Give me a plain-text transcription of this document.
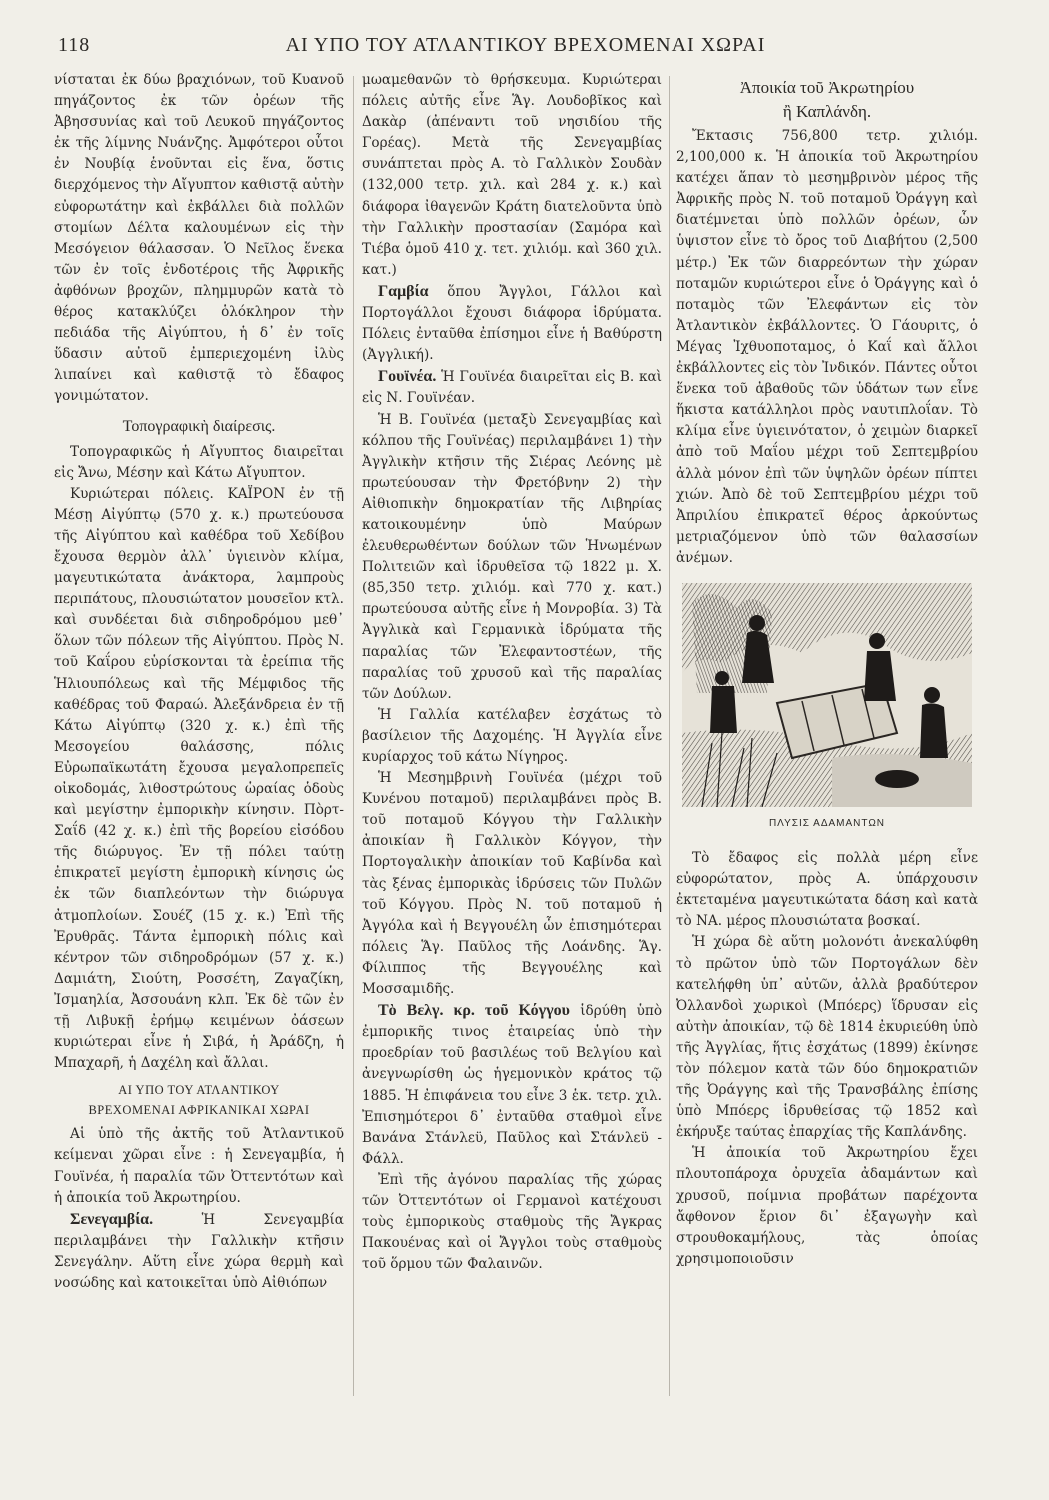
118	ΑΙ ΥΠΟ ΤΟΥ ΑΤΛΑΝΤΙΚΟΥ ΒΡΕΧΟΜΕΝΑΙ ΧΩΡΑΙ

νίσταται ἐκ δύω βραχιόνων, τοῦ Κυανοῦ πηγάζοντος ἐκ τῶν ὀρέων τῆς Ἀβησσυνίας καὶ τοῦ Λευκοῦ πηγάζοντος ἐκ τῆς λίμνης Νυάνζης. Ἀμφότεροι οὗτοι ἐν Νουβίᾳ ἑνοῦνται εἰς ἕνα, ὅστις διερχόμενος τὴν Αἴγυπτον καθιστᾷ αὐτὴν εὐφορωτάτην καὶ ἐκβάλλει διὰ πολλῶν στομίων Δέλτα καλουμένων εἰς τὴν Μεσόγειον θάλασσαν. Ὁ Νεῖλος ἕνεκα τῶν ἐν τοῖς ἐνδοτέροις τῆς Ἀφρικῆς ἀφθόνων βροχῶν, πλημμυρῶν κατὰ τὸ θέρος κατακλύζει ὁλόκληρον τὴν πεδιάδα τῆς Αἰγύπτου, ἡ δ᾽ ἐν τοῖς ὕδασιν αὐτοῦ ἐμπεριεχομένη ἰλὺς λιπαίνει καὶ καθιστᾷ τὸ ἔδαφος γονιμώτατον.

Τοπογραφικὴ διαίρεσις.

Τοπογραφικῶς ἡ Αἴγυπτος διαιρεῖται εἰς Ἄνω, Μέσην καὶ Κάτω Αἴγυπτον.

Κυριώτεραι πόλεις. ΚΑΪΡΟΝ ἐν τῇ Μέσῃ Αἰγύπτῳ (570 χ. κ.) πρωτεύουσα τῆς Αἰγύπτου καὶ καθέδρα τοῦ Χεδίβου ἔχουσα θερμὸν ἀλλ᾽ ὑγιεινὸν κλίμα, μαγευτικώτατα ἀνάκτορα, λαμπροὺς περιπάτους, πλουσιώτατον μουσεῖον κτλ. καὶ συνδέεται διὰ σιδηροδρόμου μεθ᾽ ὅλων τῶν πόλεων τῆς Αἰγύπτου. Πρὸς Ν. τοῦ Καΐρου εὑρίσκονται τὰ ἐρείπια τῆς Ἡλιουπόλεως καὶ τῆς Μέμφιδος τῆς καθέδρας τοῦ Φαραώ. Ἀλεξάνδρεια ἐν τῇ Κάτω Αἰγύπτῳ (320 χ. κ.) ἐπὶ τῆς Μεσογείου θαλάσσης, πόλις Εὐρωπαϊκωτάτη ἔχουσα μεγαλοπρεπεῖς οἰκοδομάς, λιθοστρώτους ὡραίας ὁδοὺς καὶ μεγίστην ἐμπορικὴν κίνησιν. Πὸρτ-Σαΐδ (42 χ. κ.) ἐπὶ τῆς βορείου εἰσόδου τῆς διώρυγος. Ἐν τῇ πόλει ταύτῃ ἐπικρατεῖ μεγίστη ἐμπορικὴ κίνησις ὡς ἐκ τῶν διαπλεόντων τὴν διώρυγα ἀτμοπλοίων. Σουέζ (15 χ. κ.) Ἐπὶ τῆς Ἐρυθρᾶς. Τάντα ἐμπορικὴ πόλις καὶ κέντρον τῶν σιδηροδρόμων (57 χ. κ.) Δαμιάτη, Σιούτη, Ροσσέτη, Ζαγαζίκη, Ἰσμαηλία, Ἀσσουάνη κλπ. Ἐκ δὲ τῶν ἐν τῇ Λιβυκῇ ἐρήμῳ κειμένων ὀάσεων κυριώτεραι εἶνε ἡ Σιβά, ἡ Ἀράδζη, ἡ Μπαχαρῆ, ἡ Δαχέλη καὶ ἄλλαι.

ΑΙ ΥΠΟ ΤΟΥ ΑΤΛΑΝΤΙΚΟΥ
ΒΡΕΧΟΜΕΝΑΙ ΑΦΡΙΚΑΝΙΚΑΙ ΧΩΡΑΙ

Αἱ ὑπὸ τῆς ἀκτῆς τοῦ Ἀτλαντικοῦ κείμεναι χῶραι εἶνε : ἡ Σενεγαμβία, ἡ Γουϊνέα, ἡ παραλία τῶν Ὀττεντότων καὶ ἡ ἀποικία τοῦ Ἀκρωτηρίου.

Σενεγαμβία. Ἡ Σενεγαμβία περιλαμβάνει τὴν Γαλλικὴν κτῆσιν Σενεγάλην. Αὕτη εἶνε χώρα θερμὴ καὶ νοσώδης καὶ κατοικεῖται ὑπὸ Αἰθιόπων

μωαμεθανῶν τὸ θρήσκευμα. Κυριώτεραι πόλεις αὐτῆς εἶνε Ἅγ. Λουδοβῖκος καὶ Δακὰρ (ἀπέναντι τοῦ νησιδίου τῆς Γορέας). Μετὰ τῆς Σενεγαμβίας συνάπτεται πρὸς Α. τὸ Γαλλικὸν Σουδὰν (132,000 τετρ. χιλ. καὶ 284 χ. κ.) καὶ διάφορα ἰθαγενῶν Κράτη διατελοῦντα ὑπὸ τὴν Γαλλικὴν προστασίαν (Σαμόρα καὶ Τιέβα ὁμοῦ 410 χ. τετ. χιλιόμ. καὶ 360 χιλ. κατ.)

Γαμβία ὅπου Ἄγγλοι, Γάλλοι καὶ Πορτογάλλοι ἔχουσι διάφορα ἱδρύματα. Πόλεις ἐνταῦθα ἐπίσημοι εἶνε ἡ Βαθύρστη (Ἀγγλική).

Γουϊνέα. Ἡ Γουϊνέα διαιρεῖται εἰς Β. καὶ εἰς Ν. Γουϊνέαν.

Ἡ Β. Γουϊνέα (μεταξὺ Σενεγαμβίας καὶ κόλπου τῆς Γουϊνέας) περιλαμβάνει 1) τὴν Ἀγγλικὴν κτῆσιν τῆς Σιέρας Λεόνης μὲ πρωτεύουσαν τὴν Φρετόβνην 2) τὴν Αἰθιοπικὴν δημοκρατίαν τῆς Λιβηρίας κατοικουμένην ὑπὸ Μαύρων ἐλευθερωθέντων δούλων τῶν Ἡνωμένων Πολιτειῶν καὶ ἱδρυθεῖσα τῷ 1822 μ. Χ. (85,350 τετρ. χιλιόμ. καὶ 770 χ. κατ.) πρωτεύουσα αὐτῆς εἶνε ἡ Μονροβία. 3) Τὰ Ἀγγλικὰ καὶ Γερμανικὰ ἱδρύματα τῆς παραλίας τῶν Ἐλεφαντοστέων, τῆς παραλίας τοῦ χρυσοῦ καὶ τῆς παραλίας τῶν Δούλων.

Ἡ Γαλλία κατέλαβεν ἐσχάτως τὸ βασίλειον τῆς Δαχομέης. Ἡ Ἀγγλία εἶνε κυρίαρχος τοῦ κάτω Νίγηρος.

Ἡ Μεσημβρινὴ Γουϊνέα (μέχρι τοῦ Κυνένου ποταμοῦ) περιλαμβάνει πρὸς Β. τοῦ ποταμοῦ Κόγγου τὴν Γαλλικὴν ἀποικίαν ἢ Γαλλικὸν Κόγγον, τὴν Πορτογαλικὴν ἀποικίαν τοῦ Καβίνδα καὶ τὰς ξένας ἐμπορικὰς ἱδρύσεις τῶν Πυλῶν τοῦ Κόγγου. Πρὸς Ν. τοῦ ποταμοῦ ἡ Ἀγγόλα καὶ ἡ Βεγγουέλη ὧν ἐπισημότεραι πόλεις Ἅγ. Παῦλος τῆς Λοάνδης. Ἅγ. Φίλιππος τῆς Βεγγουέλης καὶ Μοσσαμιδῆς.

Τὸ Βελγ. κρ. τοῦ Κόγγου ἱδρύθη ὑπὸ ἐμπορικῆς τινος ἑταιρείας ὑπὸ τὴν προεδρίαν τοῦ βασιλέως τοῦ Βελγίου καὶ ἀνεγνωρίσθη ὡς ἡγεμονικὸν κράτος τῷ 1885. Ἡ ἐπιφάνεια του εἶνε 3 ἑκ. τετρ. χιλ. Ἐπισημότεροι δ᾽ ἐνταῦθα σταθμοὶ εἶνε Βανάνα Στάνλεϋ, Παῦλος καὶ Στάνλεϋ - Φάλλ.

Ἐπὶ τῆς ἀγόνου παραλίας τῆς χώρας τῶν Ὀττεντότων οἱ Γερμανοὶ κατέχουσι τοὺς ἐμπορικοὺς σταθμοὺς τῆς Ἄγκρας Πακουένας καὶ οἱ Ἄγγλοι τοὺς σταθμοὺς τοῦ ὅρμου τῶν Φαλαινῶν.

Ἀποικία τοῦ Ἀκρωτηρίου
ἢ Καπλάνδη.

Ἔκτασις 756,800 τετρ. χιλιόμ. 2,100,000 κ. Ἡ ἀποικία τοῦ Ἀκρωτηρίου κατέχει ἅπαν τὸ μεσημβρινὸν μέρος τῆς Ἀφρικῆς πρὸς Ν. τοῦ ποταμοῦ Ὀράγγη καὶ διατέμνεται ὑπὸ πολλῶν ὀρέων, ὧν ὑψιστον εἶνε τὸ ὄρος τοῦ Διαβήτου (2,500 μέτρ.) Ἐκ τῶν διαρρεόντων τὴν χώραν ποταμῶν κυριώτεροι εἶνε ὁ Ὀράγγης καὶ ὁ ποταμὸς τῶν Ἐλεφάντων εἰς τὸν Ἀτλαντικὸν ἐκβάλλοντες. Ὁ Γάουριτς, ὁ Μέγας Ἰχθυοποταμος, ὁ Καΐ καὶ ἄλλοι ἐκβάλλοντες εἰς τὸν Ἰνδικόν. Πάντες οὗτοι ἕνεκα τοῦ ἀβαθοῦς τῶν ὑδάτων των εἶνε ἥκιστα κατάλληλοι πρὸς ναυτιπλοΐαν. Τὸ κλίμα εἶνε ὑγιεινότατον, ὁ χειμὼν διαρκεῖ ἀπὸ τοῦ Μαΐου μέχρι τοῦ Σεπτεμβρίου ἀλλὰ μόνον ἐπὶ τῶν ὑψηλῶν ὀρέων πίπτει χιών. Ἀπὸ δὲ τοῦ Σεπτεμβρίου μέχρι τοῦ Ἀπριλίου ἐπικρατεῖ θέρος ἀρκούντως μετριαζόμενον ὑπὸ τῶν θαλασσίων ἀνέμων.

ΠΛΥΣΙΣ ΑΔΑΜΑΝΤΩΝ

Τὸ ἔδαφος εἰς πολλὰ μέρη εἶνε εὐφορώτατον, πρὸς Α. ὑπάρχουσιν ἐκτεταμένα μαγευτικώτατα δάση καὶ κατὰ τὸ ΝΑ. μέρος πλουσιώτατα βοσκαί.

Ἡ χώρα δὲ αὕτη μολονότι ἀνεκαλύφθη τὸ πρῶτον ὑπὸ τῶν Πορτογάλων δὲν κατελήφθη ὑπ᾽ αὐτῶν, ἀλλὰ βραδύτερον Ὀλλανδοὶ χωρικοὶ (Μπόερς) ἵδρυσαν εἰς αὐτὴν ἀποικίαν, τῷ δὲ 1814 ἐκυριεύθη ὑπὸ τῆς Ἀγγλίας, ἥτις ἐσχάτως (1899) ἐκίνησε τὸν πόλεμον κατὰ τῶν δύο δημοκρατιῶν τῆς Ὀράγγης καὶ τῆς Τρανσβάλης ἐπίσης ὑπὸ Μπόερς ἱδρυθείσας τῷ 1852 καὶ ἐκήρυξε ταύτας ἐπαρχίας τῆς Καπλάνδης.

Ἡ ἀποικία τοῦ Ἀκρωτηρίου ἔχει πλουτοπάροχα ὀρυχεῖα ἀδαμάντων καὶ χρυσοῦ, ποίμνια προβάτων παρέχοντα ἄφθονον ἔριον δι᾽ ἐξαγωγὴν καὶ στρουθοκαμήλους, τὰς ὁποίας χρησιμοποιοῦσιν
